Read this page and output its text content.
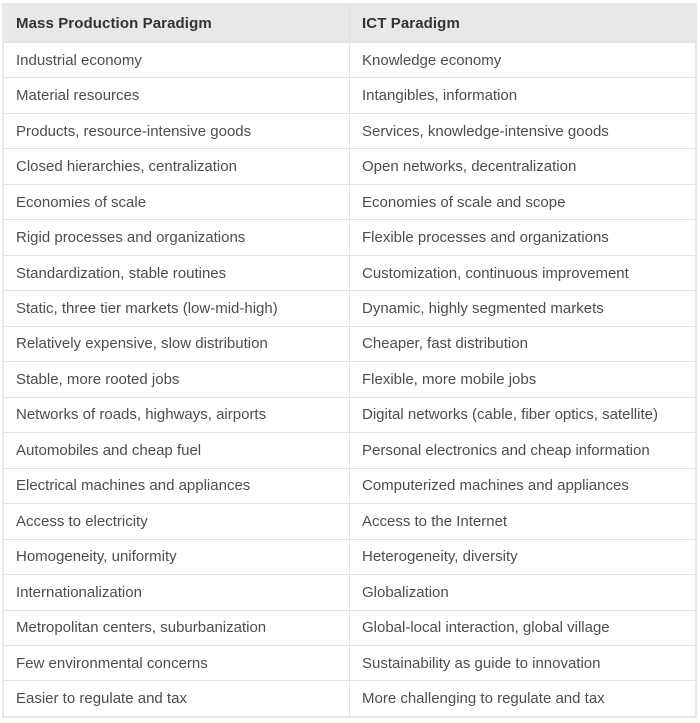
Mass Production Paradigm	ICT Paradigm
Industrial economy	Knowledge economy
Material resources	Intangibles, information
Products, resource-intensive goods	Services, knowledge-intensive goods
Closed hierarchies, centralization	Open networks, decentralization
Economies of scale	Economies of scale and scope
Rigid processes and organizations	Flexible processes and organizations
Standardization, stable routines	Customization, continuous improvement
Static, three tier markets (low-mid-high)	Dynamic, highly segmented markets
Relatively expensive, slow distribution	Cheaper, fast distribution
Stable, more rooted jobs	Flexible, more mobile jobs
Networks of roads, highways, airports	Digital networks (cable, fiber optics, satellite)
Automobiles and cheap fuel	Personal electronics and cheap information
Electrical machines and appliances	Computerized machines and appliances
Access to electricity	Access to the Internet
Homogeneity, uniformity	Heterogeneity, diversity
Internationalization	Globalization
Metropolitan centers, suburbanization	Global-local interaction, global village
Few environmental concerns	Sustainability as guide to innovation
Easier to regulate and tax	More challenging to regulate and tax
